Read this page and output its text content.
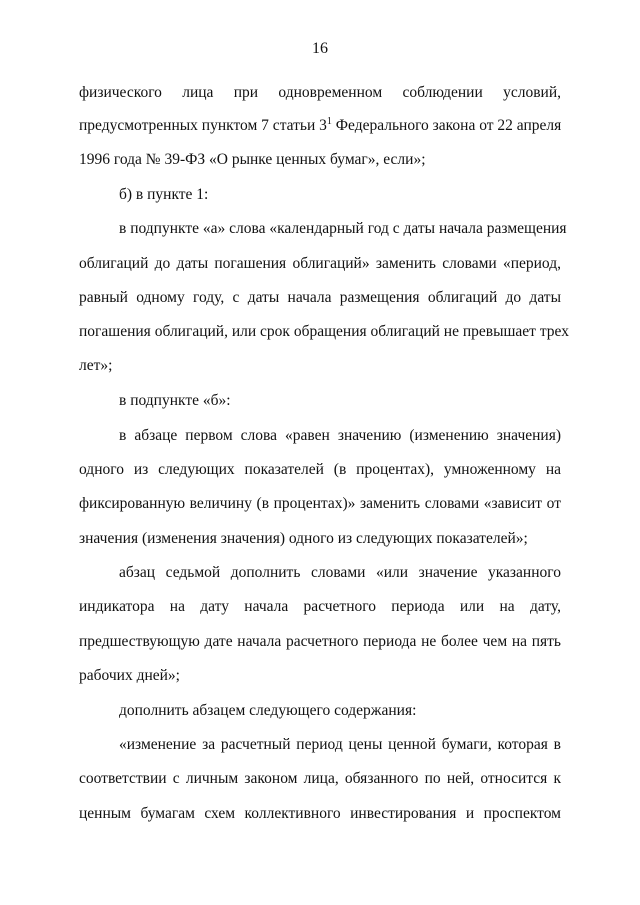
16
физического лица при одновременном соблюдении условий,
предусмотренных пунктом 7 статьи $3^1$ Федерального закона от 22 апреля
1996 года № 39-ФЗ «О рынке ценных бумаг», если»;
б) в пункте 1:
в подпункте «а» слова «календарный год с даты начала размещения
облигаций до даты погашения облигаций» заменить словами «период,
равный одному году, с даты начала размещения облигаций до даты
погашения облигаций, или срок обращения облигаций не превышает трех
лет»;
в подпункте «б»:
в абзаце первом слова «равен значению (изменению значения)
одного из следующих показателей (в процентах), умноженному на
фиксированную величину (в процентах)» заменить словами «зависит от
значения (изменения значения) одного из следующих показателей»;
абзац седьмой дополнить словами «или значение указанного
индикатора на дату начала расчетного периода или на дату,
предшествующую дате начала расчетного периода не более чем на пять
рабочих дней»;
дополнить абзацем следующего содержания:
«изменение за расчетный период цены ценной бумаги, которая в
соответствии с личным законом лица, обязанного по ней, относится к
ценным бумагам схем коллективного инвестирования и проспектом
